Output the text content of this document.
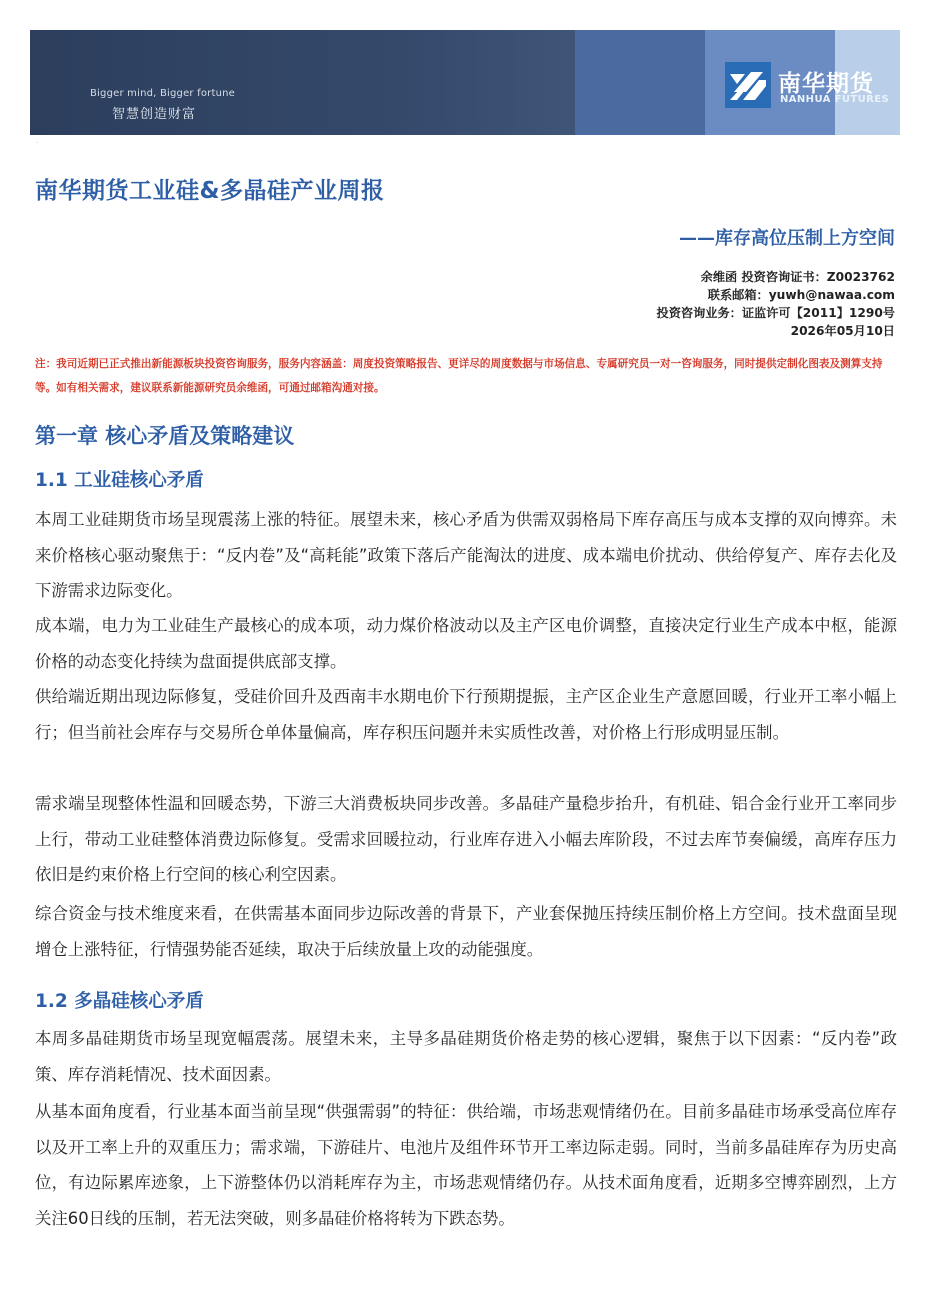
Bigger mind, Bigger fortune
智慧创造财富
南华期货
NANHUA FUTURES
·
南华期货工业硅&多晶硅产业周报
——库存高位压制上方空间
余维函 投资咨询证书：Z0023762
联系邮箱：yuwh@nawaa.com
投资咨询业务：证监许可【2011】1290号
2026年05月10日
注：我司近期已正式推出新能源板块投资咨询服务，服务内容涵盖：周度投资策略报告、更详尽的周度数据与市场信息、专属研究员一对一咨询服务，同时提供定制化图表及测算支持等。如有相关需求，建议联系新能源研究员余维函，可通过邮箱沟通对接。
第一章 核心矛盾及策略建议
1.1 工业硅核心矛盾
本周工业硅期货市场呈现震荡上涨的特征。展望未来，核心矛盾为供需双弱格局下库存高压与成本支撑的双向博弈。未来价格核心驱动聚焦于：“反内卷”及“高耗能”政策下落后产能淘汰的进度、成本端电价扰动、供给停复产、库存去化及下游需求边际变化。
成本端，电力为工业硅生产最核心的成本项，动力煤价格波动以及主产区电价调整，直接决定行业生产成本中枢，能源价格的动态变化持续为盘面提供底部支撑。
供给端近期出现边际修复，受硅价回升及西南丰水期电价下行预期提振，主产区企业生产意愿回暖，行业开工率小幅上行；但当前社会库存与交易所仓单体量偏高，库存积压问题并未实质性改善，对价格上行形成明显压制。
需求端呈现整体性温和回暖态势，下游三大消费板块同步改善。多晶硅产量稳步抬升，有机硅、铝合金行业开工率同步上行，带动工业硅整体消费边际修复。受需求回暖拉动，行业库存进入小幅去库阶段，不过去库节奏偏缓，高库存压力依旧是约束价格上行空间的核心利空因素。
综合资金与技术维度来看，在供需基本面同步边际改善的背景下，产业套保抛压持续压制价格上方空间。技术盘面呈现增仓上涨特征，行情强势能否延续，取决于后续放量上攻的动能强度。
1.2 多晶硅核心矛盾
本周多晶硅期货市场呈现宽幅震荡。展望未来，主导多晶硅期货价格走势的核心逻辑，聚焦于以下因素：“反内卷”政策、库存消耗情况、技术面因素。
从基本面角度看，行业基本面当前呈现“供强需弱”的特征：供给端，市场悲观情绪仍在。目前多晶硅市场承受高位库存以及开工率上升的双重压力；需求端，下游硅片、电池片及组件环节开工率边际走弱。同时，当前多晶硅库存为历史高位，有边际累库迹象，上下游整体仍以消耗库存为主，市场悲观情绪仍存。从技术面角度看，近期多空博弈剧烈，上方关注60日线的压制，若无法突破，则多晶硅价格将转为下跌态势。
